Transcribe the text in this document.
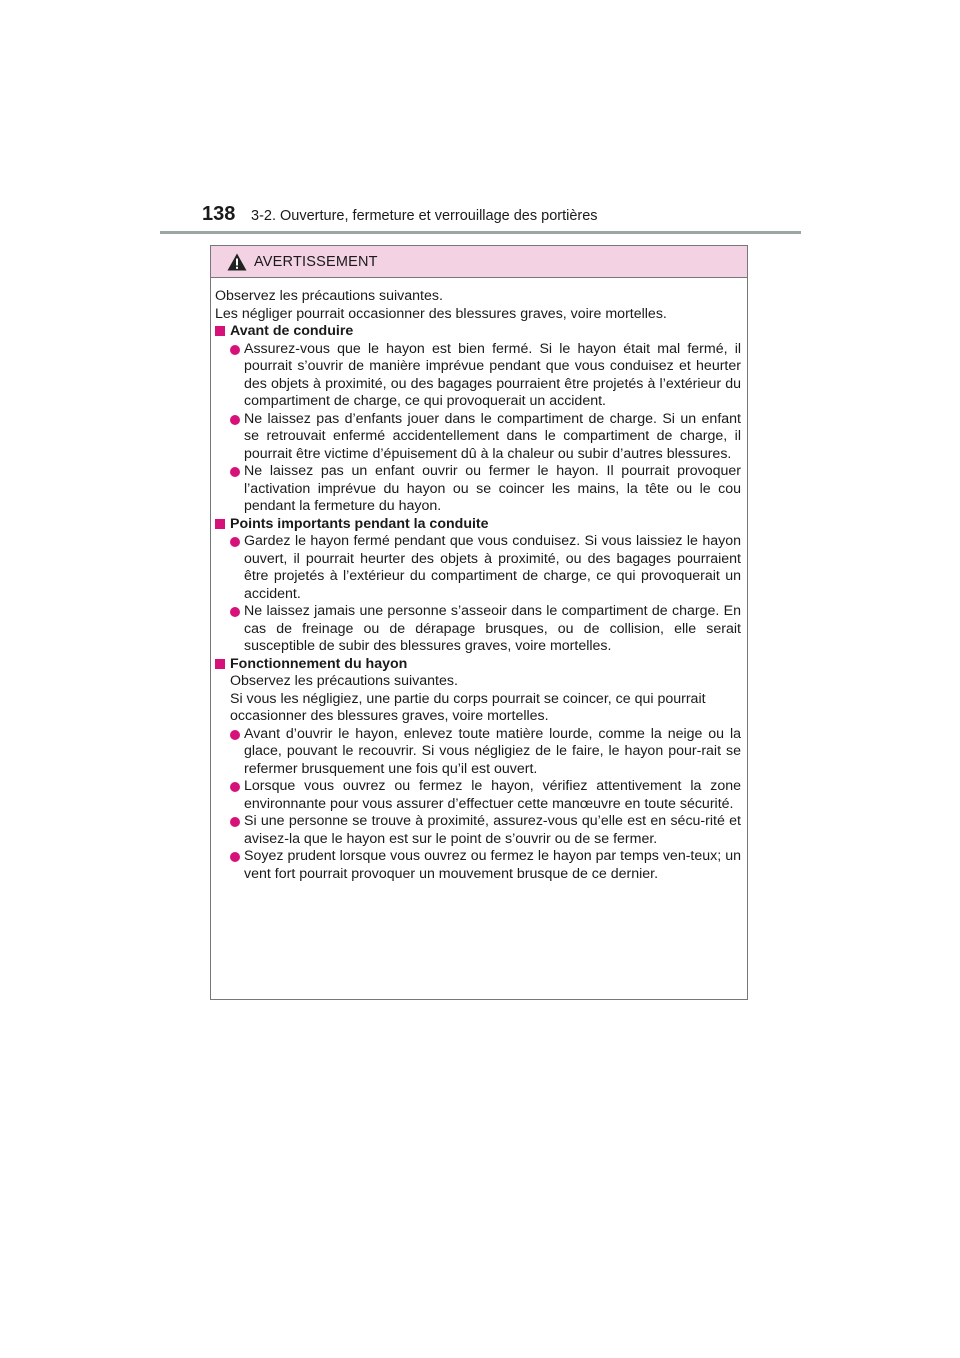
138 3-2. Ouverture, fermeture et verrouillage des portières
AVERTISSEMENT

Observez les précautions suivantes.

Les négliger pourrait occasionner des blessures graves, voire mortelles.

Avant de conduire

Assurez-vous que le hayon est bien fermé. Si le hayon était mal fermé, il pourrait s’ouvrir de manière imprévue pendant que vous conduisez et heurter des objets à proximité, ou des bagages pourraient être projetés à l’extérieur du compartiment de charge, ce qui provoquerait un accident.

Ne laissez pas d’enfants jouer dans le compartiment de charge. Si un enfant se retrouvait enfermé accidentellement dans le compartiment de charge, il pourrait être victime d’épuisement dû à la chaleur ou subir d’autres blessures.

Ne laissez pas un enfant ouvrir ou fermer le hayon. Il pourrait provoquer l’activation imprévue du hayon ou se coincer les mains, la tête ou le cou pendant la fermeture du hayon.

Points importants pendant la conduite

Gardez le hayon fermé pendant que vous conduisez. Si vous laissiez le hayon ouvert, il pourrait heurter des objets à proximité, ou des bagages pourraient être projetés à l’extérieur du compartiment de charge, ce qui provoquerait un accident.

Ne laissez jamais une personne s’asseoir dans le compartiment de charge. En cas de freinage ou de dérapage brusques, ou de collision, elle serait susceptible de subir des blessures graves, voire mortelles.

Fonctionnement du hayon

Observez les précautions suivantes.

Si vous les négligiez, une partie du corps pourrait se coincer, ce qui pourrait occasionner des blessures graves, voire mortelles.

Avant d’ouvrir le hayon, enlevez toute matière lourde, comme la neige ou la glace, pouvant le recouvrir. Si vous négligiez de le faire, le hayon pour-rait se refermer brusquement une fois qu’il est ouvert.

Lorsque vous ouvrez ou fermez le hayon, vérifiez attentivement la zone environnante pour vous assurer d’effectuer cette manœuvre en toute sécurité.

Si une personne se trouve à proximité, assurez-vous qu’elle est en sécu-rité et avisez-la que le hayon est sur le point de s’ouvrir ou de se fermer.

Soyez prudent lorsque vous ouvrez ou fermez le hayon par temps ven-teux; un vent fort pourrait provoquer un mouvement brusque de ce dernier.
